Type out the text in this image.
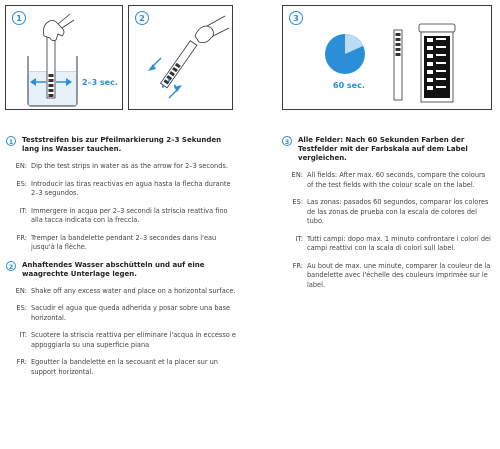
1
2–3 sec.
2	3
60 sec.
1	Teststreifen bis zur Pfeilmarkierung 2–3 Sekunden lang ins Wasser tauchen.
EN: Dip the test strips in water as as the arrow for 2–3 seconds.
ES: Introducir las tiras reactivas en agua hasta la flecha durante 2–3 segundos.
IT: Immergere in acqua per 2–3 secondi la striscia reattiva fino alla tacca indicata con la freccia.
FR: Tremper la bandelette pendant 2–3 secondes dans l'eau jusqu'à la flèche.
2	Anhaftendes Wasser abschütteln und auf eine waagrechte Unterlage legen.
EN: Shake off any excess water and place on a horizontal surface.
ES: Sacudir el agua que queda adherida y posar sobre una base horizontal.
IT: Scuotere la striscia reattiva per eliminare l'acqua in eccesso e appoggiarla su una superficie piana
FR: Egoutter la bandelette en la secouant et la placer sur un support horizontal.
3	Alle Felder: Nach 60 Sekunden Farben der Testfelder mit der Farbskala auf dem Label vergleichen.
EN: All fields: After max. 60 seconds, compare the colours of the test fields with the colour scale on the label.
ES: Las zonas: pasados 60 segundos, comparar los colores de las zonas de prueba con la escala de colores del tubo.
IT: Tutti campi: dopo max. 1 minuto confrontare i colori dei campi reattivi con la scala di colori sull label.
FR: Au bout de max. une minute, comparer la couleur de la bandelette avec l'échelle des couleurs imprimée sur le label.
